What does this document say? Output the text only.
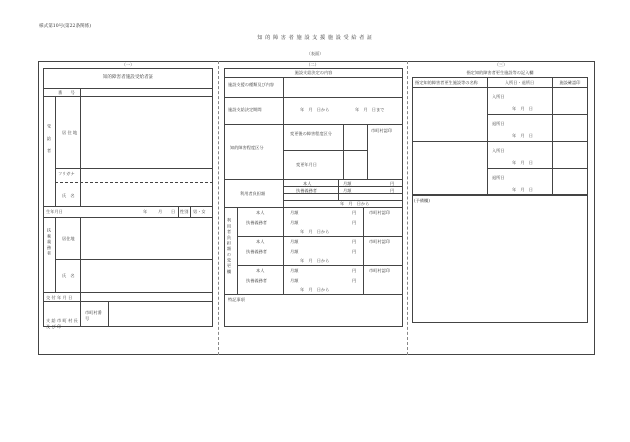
様式第10号(第22条関係)
知 的 障 害 者 施 設 支 援 施 設 受 給 者 証
（表面）
（一）	（二）	（三）
知的障害者施設受給者証
番　　号
受 給 者 居 住 地
フリガナ
氏　名
生年月日	年	月 日 性別 男・女
扶養義務者 居住地
氏　名
交 付 年 月 日
支 給 市 町 村 長 及 び 印
市町村番号
施設支給決定の内容
施設支援の種類及び内容
施設支給決定期間	年　月　日から	年　月　日まで
知的障害程度区分
変更後の障害程度区分
変更年月日
市町村認印
利用者負担額
本人	月額	円
扶養義務者	月額	円
年　月　日から
利用者負担額の変更欄
本人	月額	円
扶養義務者	月額	円
年　月　日から
市町村認印
本人	月額	円
扶養義務者	月額	円
年　月　日から
市町村認印
本人	月額	円
扶養義務者	月額	円
年　月　日から
市町村認印
特記事項
指定知的障害者更生施設等の記入欄
指定知的障害者更生施設等の名称	入所日・退所日	施設確認印
入所日
年　月　日
退所日
年　月　日
入所日
年　月　日
退所日
年　月　日
(予備欄)
